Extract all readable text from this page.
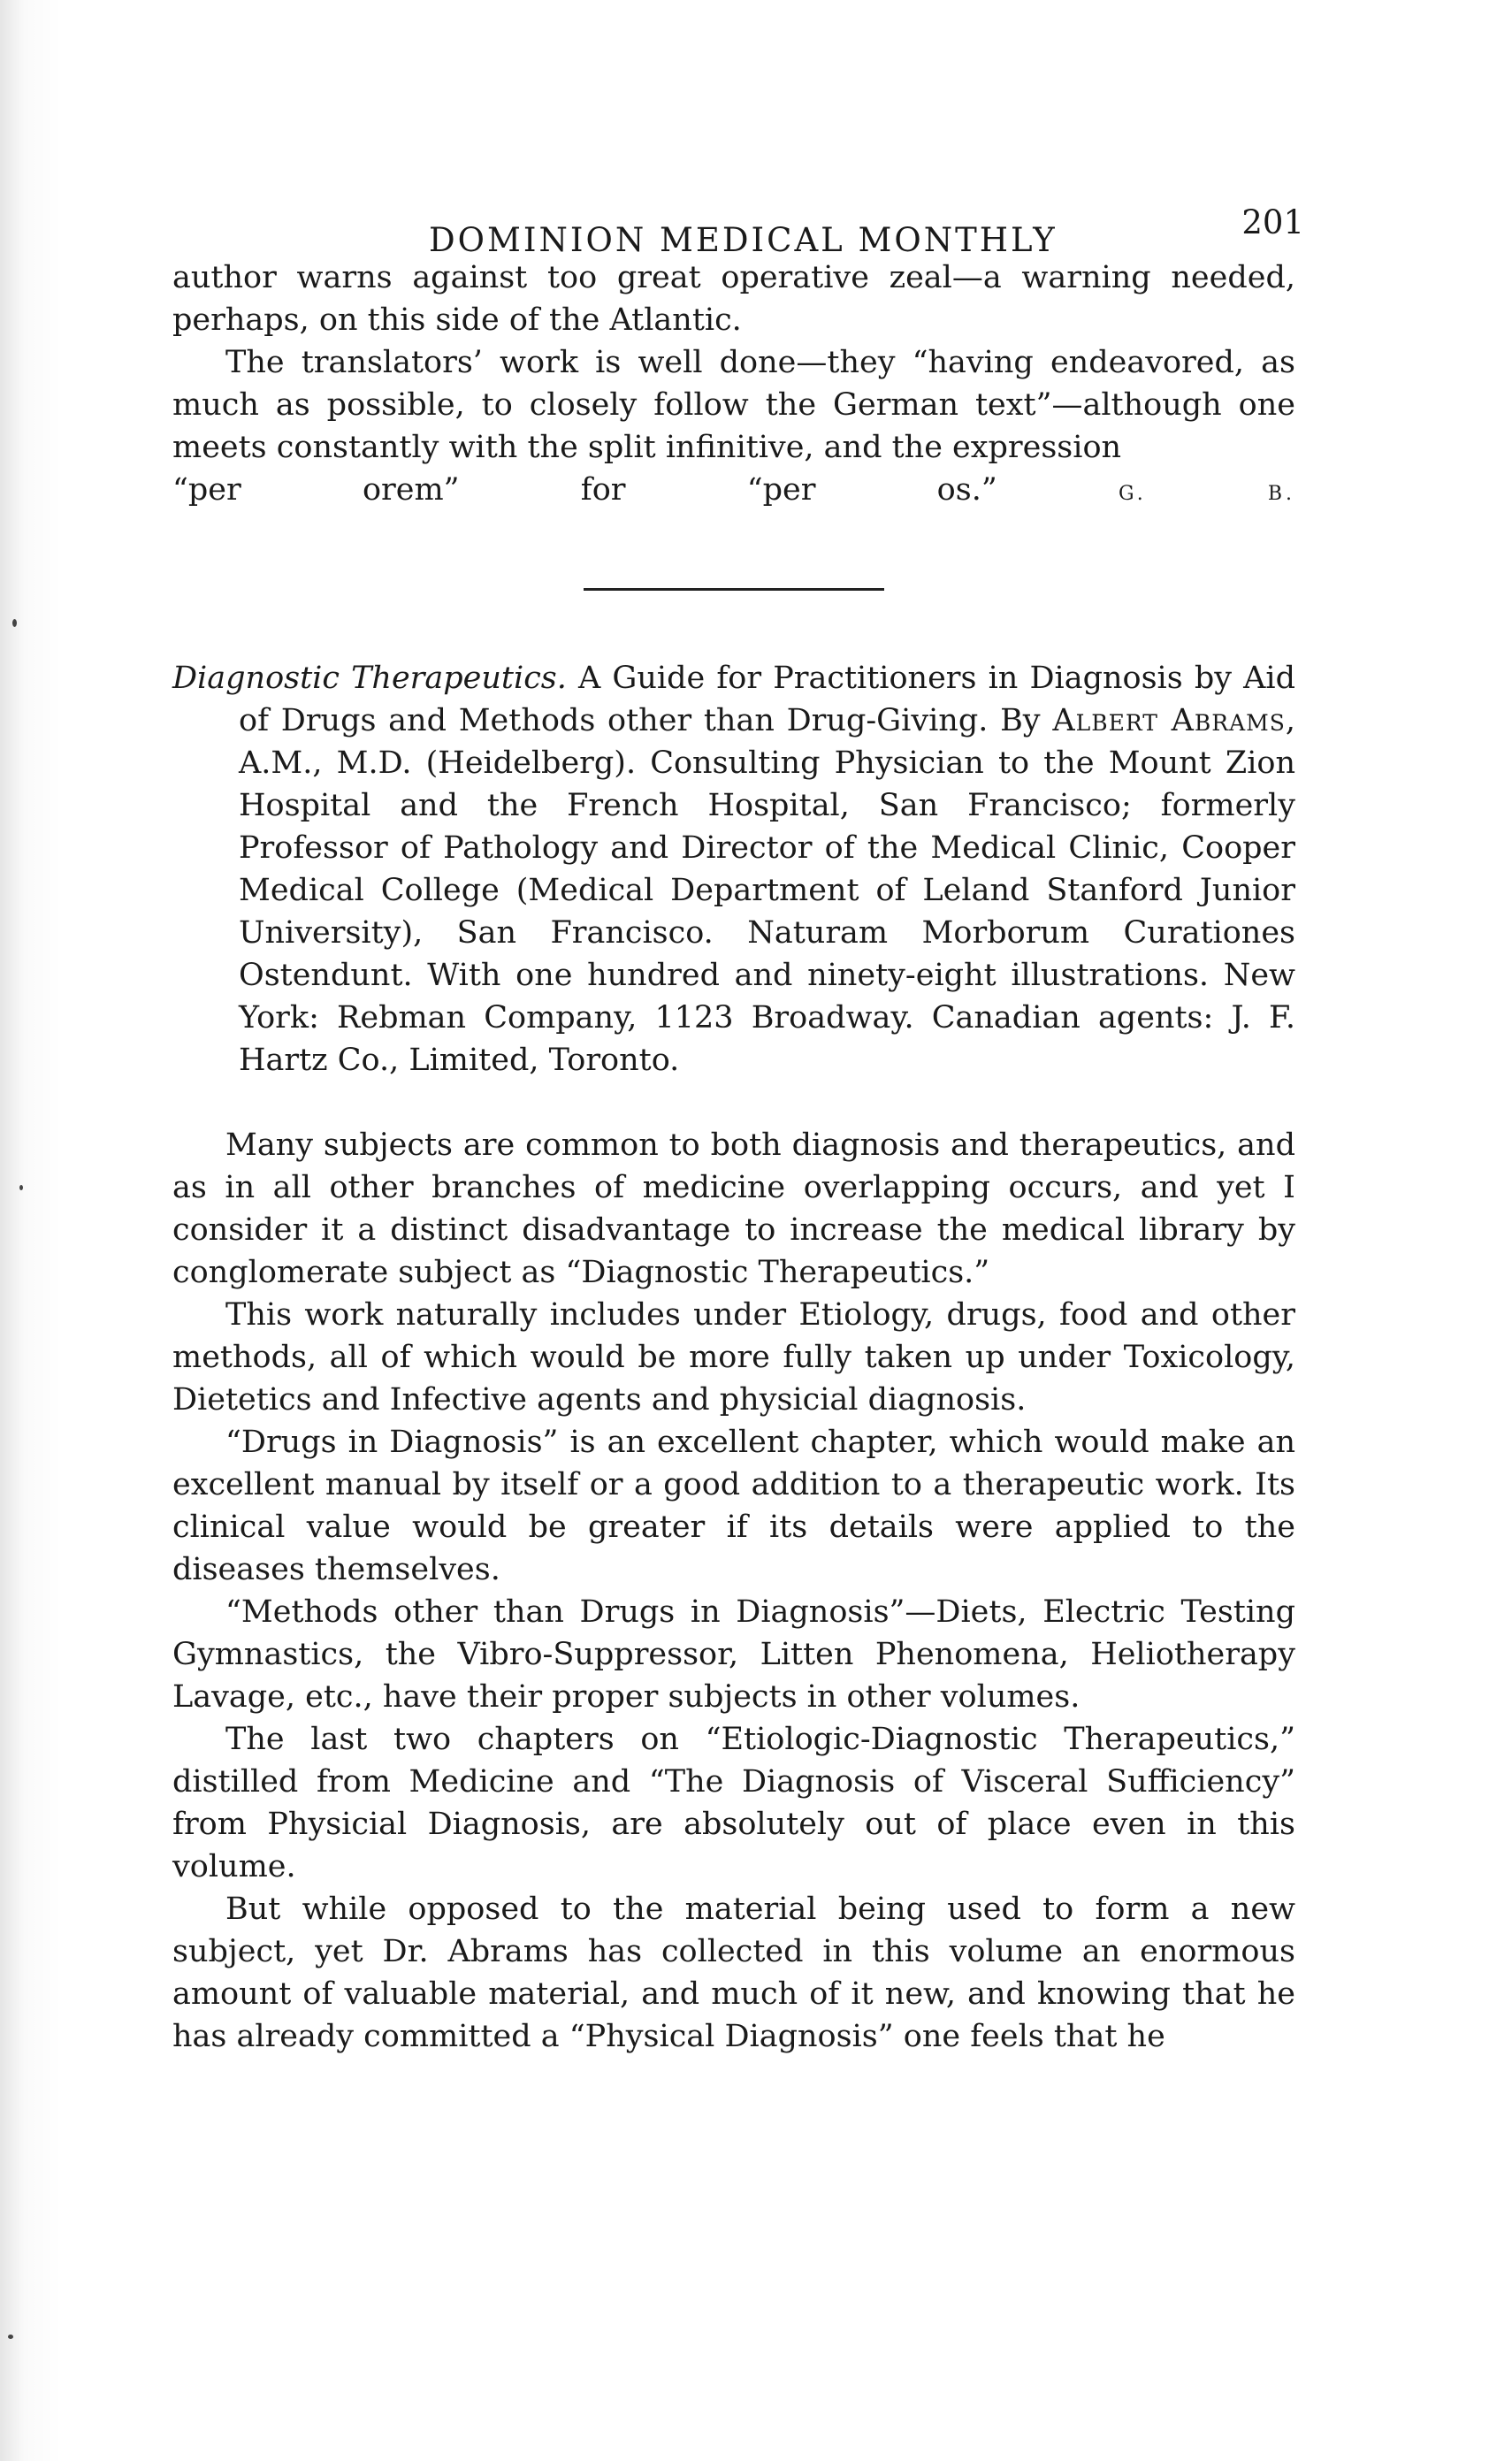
DOMINION MEDICAL MONTHLY	201

author warns against too great operative zeal—a warning needed, perhaps, on this side of the Atlantic.

The translators’ work is well done—they “having endeavored, as much as possible, to closely follow the German text”—although one meets constantly with the split infinitive, and the expression

“per orem” for “per os.”	G. B.

Diagnostic Therapeutics. A Guide for Practitioners in Diagnosis by Aid of Drugs and Methods other than Drug-Giving. By Albert Abrams, A.M., M.D. (Heidelberg). Consulting Physician to the Mount Zion Hospital and the French Hospital, San Francisco; formerly Professor of Pathology and Director of the Medical Clinic, Cooper Medical College (Medical Department of Leland Stanford Junior University), San Francisco. Naturam Morborum Curationes Ostendunt. With one hundred and ninety-eight illustrations. New York: Rebman Company, 1123 Broadway. Canadian agents: J. F. Hartz Co., Limited, Toronto.

Many subjects are common to both diagnosis and therapeutics, and as in all other branches of medicine overlapping occurs, and yet I consider it a distinct disadvantage to increase the medical library by conglomerate subject as “Diagnostic Therapeutics.”

This work naturally includes under Etiology, drugs, food and other methods, all of which would be more fully taken up under Toxicology, Dietetics and Infective agents and physicial diagnosis.

“Drugs in Diagnosis” is an excellent chapter, which would make an excellent manual by itself or a good addition to a therapeutic work. Its clinical value would be greater if its details were applied to the diseases themselves.

“Methods other than Drugs in Diagnosis”—Diets, Electric Testing Gymnastics, the Vibro-Suppressor, Litten Phenomena, Heliotherapy Lavage, etc., have their proper subjects in other volumes.

The last two chapters on “Etiologic-Diagnostic Therapeutics,” distilled from Medicine and “The Diagnosis of Visceral Sufficiency” from Physicial Diagnosis, are absolutely out of place even in this volume.

But while opposed to the material being used to form a new subject, yet Dr. Abrams has collected in this volume an enormous amount of valuable material, and much of it new, and knowing that he has already committed a “Physical Diagnosis” one feels that he
